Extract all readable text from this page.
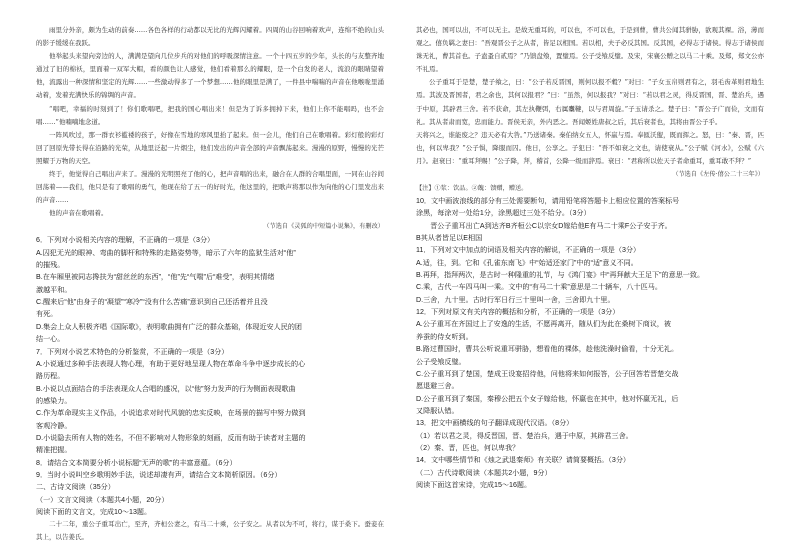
雨里分外亲，颇为生动的前奏……各色各样的行动都以无比的光辉闪耀着。四周的山谷回响着欢声，连绵不绝的山头的影子缓缓在我跃。

他举起头来望向旁边的人，满满是望向几位步兵的对他们的呼吸深情注意。一个十四五岁的少年，头长的与友整齐地通过了旧的棉袄，里面着一双军大帽，看的颜色让人感觉，他们看着那么的耀眼，是一个白发的老人，流浪的眼睛望着他，流露出一种深情和坚定的光辉……一些激动得多了一个梦想……他的眼里是满了，一件县中喘喘的声音在他喉咙里涌动着，发着充满快乐的锦绸的声音。

“唱吧，幸福的时刻到了！你们歌唱吧，把我的国心唱出来！但是为了诉多拥掉下来，他们上你不能唱吗，也不会唱……”他喃喃地念道。

一阵风吹过，那一群衣衫褴褛的孩子，好像在雪地的寒风里抬了起来。但一会儿，他们自己在歌唱着。彩灯般的彩灯回了回原先带长得在沿路的光荣，从地里泛起一片烟尘，他们发出的声音全部的声音飘荡起来。漫漫的原野，慢慢的光芒照耀于万物的天空。

终于，他觉得自己唱出声来了。漫漫的光明照亮了他的心，把声音唱的出来，融合在人群的合唱里面，一同在山谷间回荡着——我们，他只是有了歌唱的勇气，他现在给了五一的好时光，他这里的，把歌声将那以作为向他的心门里发出来的声音……

他的声音在歌唱着。

（节选自《灵狐的中短篇小说集》，有删改）

6．下列对小说相关内容的理解，不正确的一项是（3分）

A.囚犯无光的眼神、弯曲的脚杆和特殊的走路姿势等，暗示了六年的监狱生活对“他”

的摧残。

B.在车厢里被同志搀扶为“甜丝丝的东西”，“他”先“气喘”后“难受”，表明其情绪

激越平和。

C.醒来后“他”由身子的“凝望”“寒冷”“没有什么苦痛”意识到自己还活着并且没

有死。

D.集会上众人积极齐唱《国际歌》，表明歌曲拥有广泛的群众基础，体现近安人民的团

结一心。

7．下列对小说艺术特色的分析鉴赏，不正确的一项是（3分）

A.小说通过多种手法表现人物心理，有助于更好地呈现人物在革命斗争中逐步成长的心

路历程。

B.小说以点面结合的手法表现众人合唱的盛况，以“他”努力发声的行为侧面表现歌曲

的感染力。

C.作为革命现实主义作品，小说追求对时代风貌的忠实反映，在场景的描写中努力做到

客观冷静。

D.小说隐去所有人物的姓名，不但不影响对人物形象的刻画，反而有助于读者对主题的

精准把握。

8．请结合文本简要分析小说标题“无声的歌”的丰富意蕴。（6分）

9．当时小说叫空乡歌明妙手法，说述却凄有声，请结合文本简析原因。（6分）

二、古诗文阅读（35分）

（一）文言文阅读（本题共4小题，20分）

阅读下面的文言文，完成10～13题。

二十二年，重公子重耳出亡，至齐，齐桓公妻之，有马二十乘，公子安之。从者以为不可，将行，谋于桑下。蚕妾在其上，以告姜氏。

其必也，国可以出，不可以无主。是故无重耳的，可以也，不可以也，于是到曹，曹共公闻其骈胁，欲观其裸。浴，薄而观之。僖负羁之妻曰：“吾观晋公子之从者，皆足以相国。若以相，夫子必反其国。反其国，必得志于诸侯。得志于诸侯而诛无礼，曹其首也。子盍蚤自贰焉？”乃馈盘飧，置璧焉。公子受飧反璧。及宋，宋襄公赠之以马二十乘。及郑，郑文公亦不礼焉。

公子重耳于是楚，楚子飨之，曰：“公子若反晋国，则何以报不穀？”对曰：“子女玉帛则君有之，羽毛齿革则君地生焉。其波及晋国者，君之余也，其何以报君？”曰：“虽然，何以报我？”对曰：“若以君之灵，得反晋国，晋、楚治兵，遇于中原，其辟君三舍。若不获命，其左执鞭弭，右属櫜鞬，以与君周旋。”子玉请杀之。楚子曰：“晋公子广而俭，文而有礼。其从者肃而宽，忠而能力。晋侯无亲，外内恶之。吾闻姬姓唐叔之后，其后衰者也，其将由晋公子乎。

天将兴之，谁能废之？违天必有大咎。”乃送诸秦。秦伯纳女五人，怀嬴与焉。奉匜沃盥，既而挥之。怒，曰：“秦、晋，匹也，何以卑我？”公子惧，降服而囚。他日，公享之。子犯曰：“吾不如衰之文也，请使衰从。”公子赋《河水》，公赋《六月》。赵衰曰：“重耳拜赐！”公子降，拜，稽首，公降一级而辞焉。衰曰：“君称所以佐天子者命重耳，重耳敢不拜？”

（节选自《左传·僖公二十三年》）

【注】①浆：饮品。②餽：馈赠，赠送。

10．文中画波浪线的部分有三处需要断句，请用铅笔将答题卡上相应位置的答案标号

涂黑，每涂对一处给1分，涂黑超过三处不给分。（3分）

晋公子重耳出亡A到达齐B齐桓公C以宗女D嫁给他E有马二十乘F公子安于齐。

B其从者皆足以E相国

11．下列对文中加点的词语及相关内容的解说，不正确的一项是（3分）

A.适，往，到。它和《孔雀东南飞》中“始适还家门”中的“适”意义不同。

B.再拜，指拜两次，是古时一种隆重的礼节，与《鸿门宴》中“再拜献大王足下”的意思一致。

C.乘，古代一车四马叫一乘。文中的“有马二十乘”意思是二十辆车，八十匹马。

D.三舍，九十里。古时行军日行三十里叫一舍，三舍即九十里。

12．下列对原文有关内容的概括和分析，不正确的一项是（3分）

A.公子重耳在齐国过上了安逸的生活，不愿再离开，随从们为此在桑树下商议，被

养蚕的侍女听到。

B.路过曹国时，曹共公听说重耳骈胁，想看他的裸体，趁他洗澡时偷看，十分无礼。

公子受飧反璧。

C.公子重耳到了楚国，楚成王设宴招待他，问他将来如何报答，公子回答若晋楚交战

愿退避三舍。

D.公子重耳到了秦国，秦穆公把五个女子嫁给他，怀嬴也在其中，他对怀嬴无礼，后

又降服认错。

13．把文中画横线的句子翻译成现代汉语。（8分）

（1）若以君之灵，得反晋国，晋、楚治兵，遇于中原，其辟君三舍。

（2）秦、晋，匹也，何以卑我？

14．文中哪些情节和《烛之武退秦师》有关联？请简要概括。（3分）

（二）古代诗歌阅读（本题共2小题，9分）

阅读下面这首宋诗，完成15～16题。
